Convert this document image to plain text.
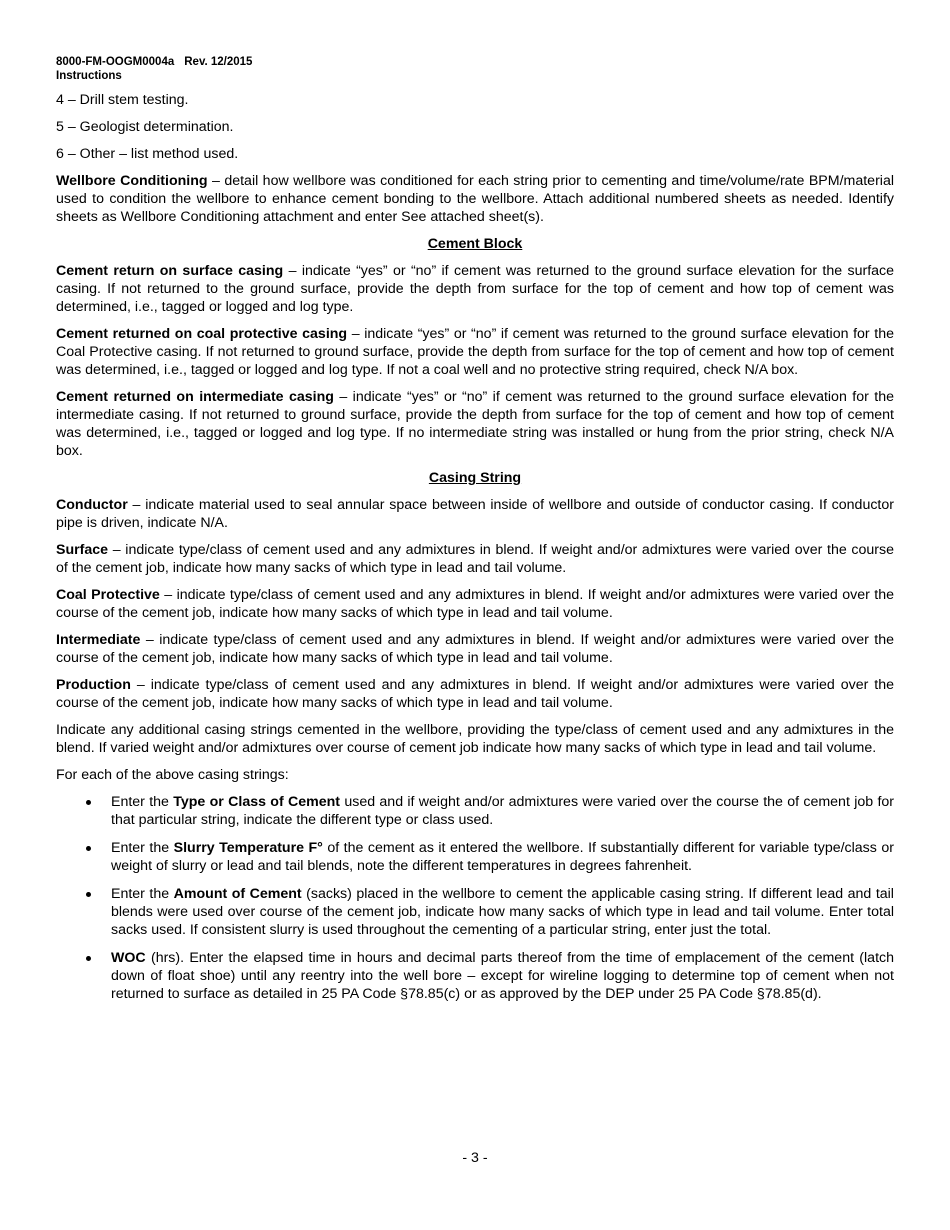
8000-FM-OOGM0004a Rev. 12/2015
Instructions

4 – Drill stem testing.

5 – Geologist determination.

6 – Other – list method used.

Wellbore Conditioning – detail how wellbore was conditioned for each string prior to cementing and time/volume/rate BPM/material used to condition the wellbore to enhance cement bonding to the wellbore. Attach additional numbered sheets as needed. Identify sheets as Wellbore Conditioning attachment and enter See attached sheet(s).

Cement Block

Cement return on surface casing – indicate “yes” or “no” if cement was returned to the ground surface elevation for the surface casing. If not returned to the ground surface, provide the depth from surface for the top of cement and how top of cement was determined, i.e., tagged or logged and log type.

Cement returned on coal protective casing – indicate “yes” or “no” if cement was returned to the ground surface elevation for the Coal Protective casing. If not returned to ground surface, provide the depth from surface for the top of cement and how top of cement was determined, i.e., tagged or logged and log type. If not a coal well and no protective string required, check N/A box.

Cement returned on intermediate casing – indicate “yes” or “no” if cement was returned to the ground surface elevation for the intermediate casing. If not returned to ground surface, provide the depth from surface for the top of cement and how top of cement was determined, i.e., tagged or logged and log type. If no intermediate string was installed or hung from the prior string, check N/A box.

Casing String

Conductor – indicate material used to seal annular space between inside of wellbore and outside of conductor casing. If conductor pipe is driven, indicate N/A.

Surface – indicate type/class of cement used and any admixtures in blend. If weight and/or admixtures were varied over the course of the cement job, indicate how many sacks of which type in lead and tail volume.

Coal Protective – indicate type/class of cement used and any admixtures in blend. If weight and/or admixtures were varied over the course of the cement job, indicate how many sacks of which type in lead and tail volume.

Intermediate – indicate type/class of cement used and any admixtures in blend. If weight and/or admixtures were varied over the course of the cement job, indicate how many sacks of which type in lead and tail volume.

Production – indicate type/class of cement used and any admixtures in blend. If weight and/or admixtures were varied over the course of the cement job, indicate how many sacks of which type in lead and tail volume.

Indicate any additional casing strings cemented in the wellbore, providing the type/class of cement used and any admixtures in the blend. If varied weight and/or admixtures over course of cement job indicate how many sacks of which type in lead and tail volume.

For each of the above casing strings:

Enter the Type or Class of Cement used and if weight and/or admixtures were varied over the course the of cement job for that particular string, indicate the different type or class used.
Enter the Slurry Temperature F° of the cement as it entered the wellbore. If substantially different for variable type/class or weight of slurry or lead and tail blends, note the different temperatures in degrees fahrenheit.
Enter the Amount of Cement (sacks) placed in the wellbore to cement the applicable casing string. If different lead and tail blends were used over course of the cement job, indicate how many sacks of which type in lead and tail volume. Enter total sacks used. If consistent slurry is used throughout the cementing of a particular string, enter just the total.
WOC (hrs). Enter the elapsed time in hours and decimal parts thereof from the time of emplacement of the cement (latch down of float shoe) until any reentry into the well bore – except for wireline logging to determine top of cement when not returned to surface as detailed in 25 PA Code §78.85(c) or as approved by the DEP under 25 PA Code §78.85(d).
- 3 -
